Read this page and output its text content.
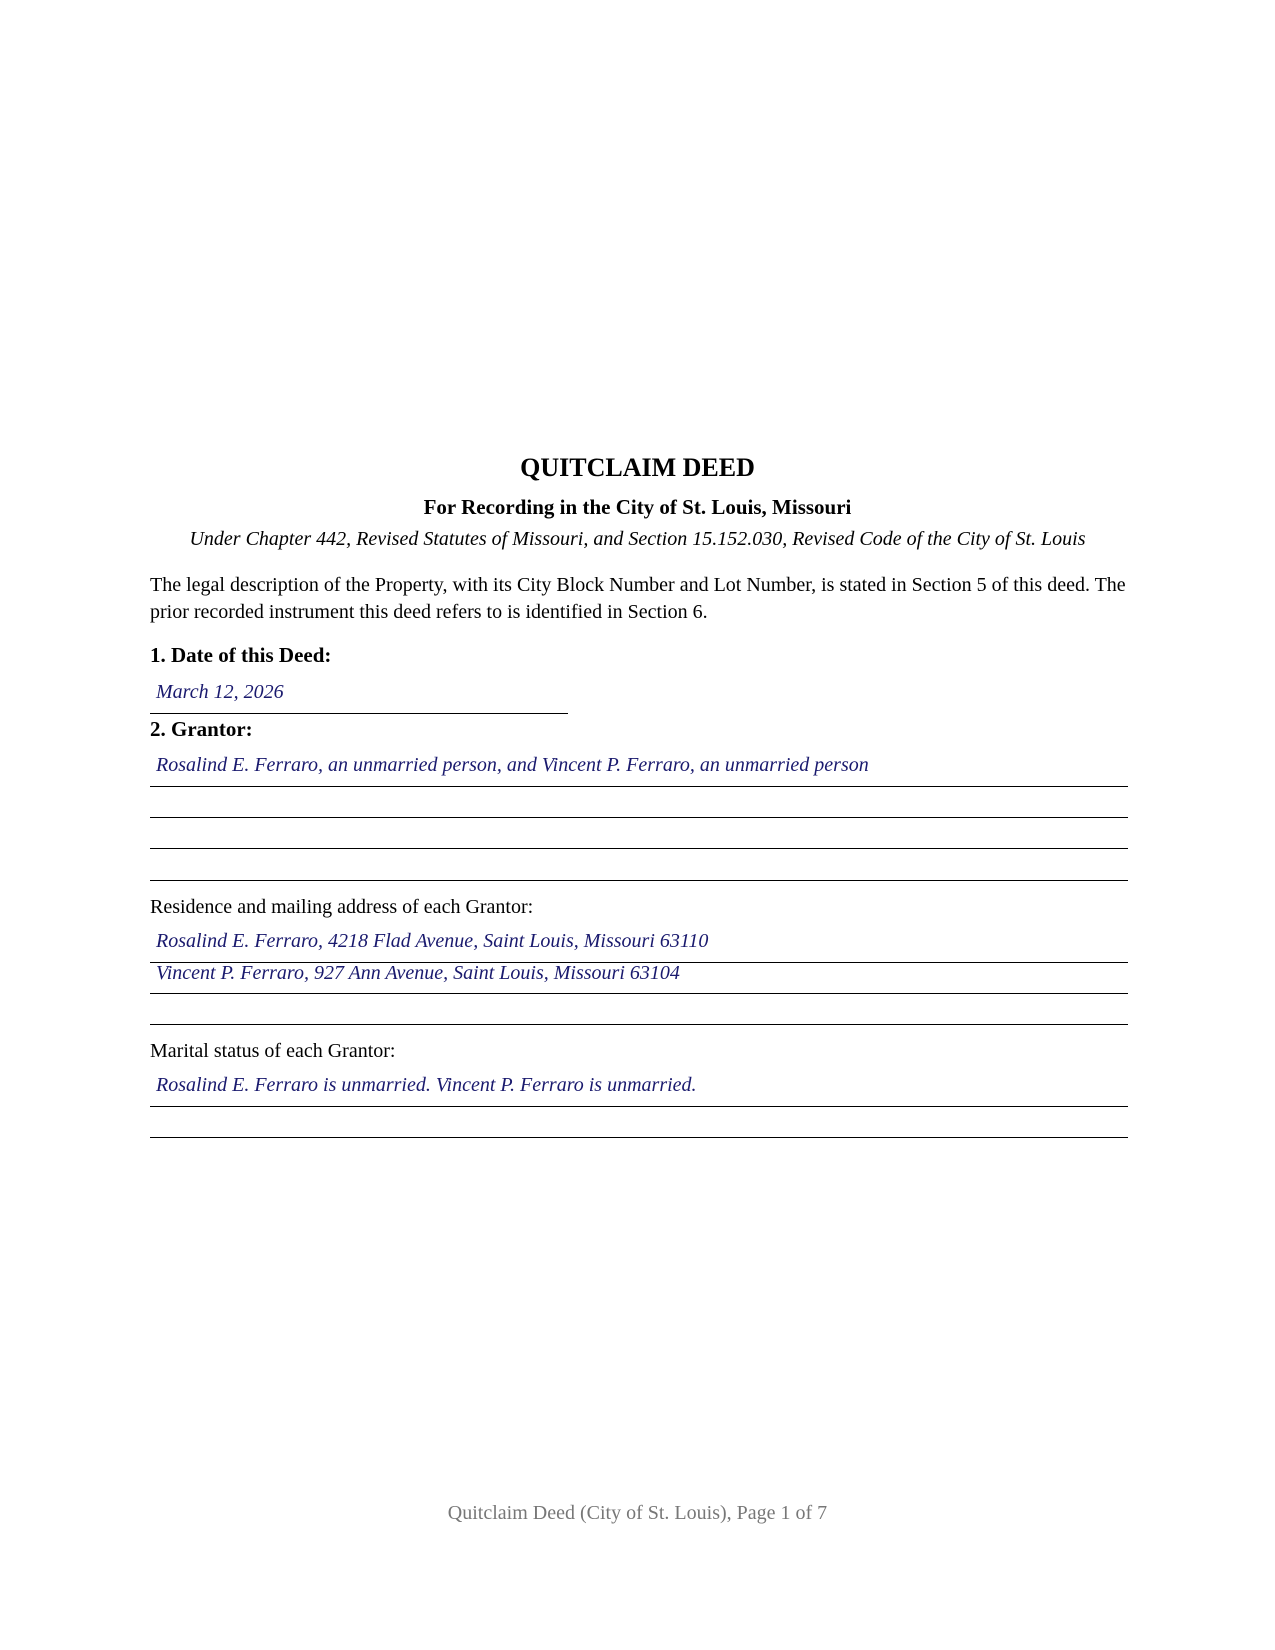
QUITCLAIM DEED
For Recording in the City of St. Louis, Missouri
Under Chapter 442, Revised Statutes of Missouri, and Section 15.152.030, Revised Code of the City of St. Louis
The legal description of the Property, with its City Block Number and Lot Number, is stated in Section 5 of this deed. The prior recorded instrument this deed refers to is identified in Section 6.
1. Date of this Deed:
March 12, 2026
2. Grantor:
Rosalind E. Ferraro, an unmarried person, and Vincent P. Ferraro, an unmarried person
Residence and mailing address of each Grantor:
Rosalind E. Ferraro, 4218 Flad Avenue, Saint Louis, Missouri 63110
Vincent P. Ferraro, 927 Ann Avenue, Saint Louis, Missouri 63104
Marital status of each Grantor:
Rosalind E. Ferraro is unmarried. Vincent P. Ferraro is unmarried.
Quitclaim Deed (City of St. Louis), Page 1 of 7
